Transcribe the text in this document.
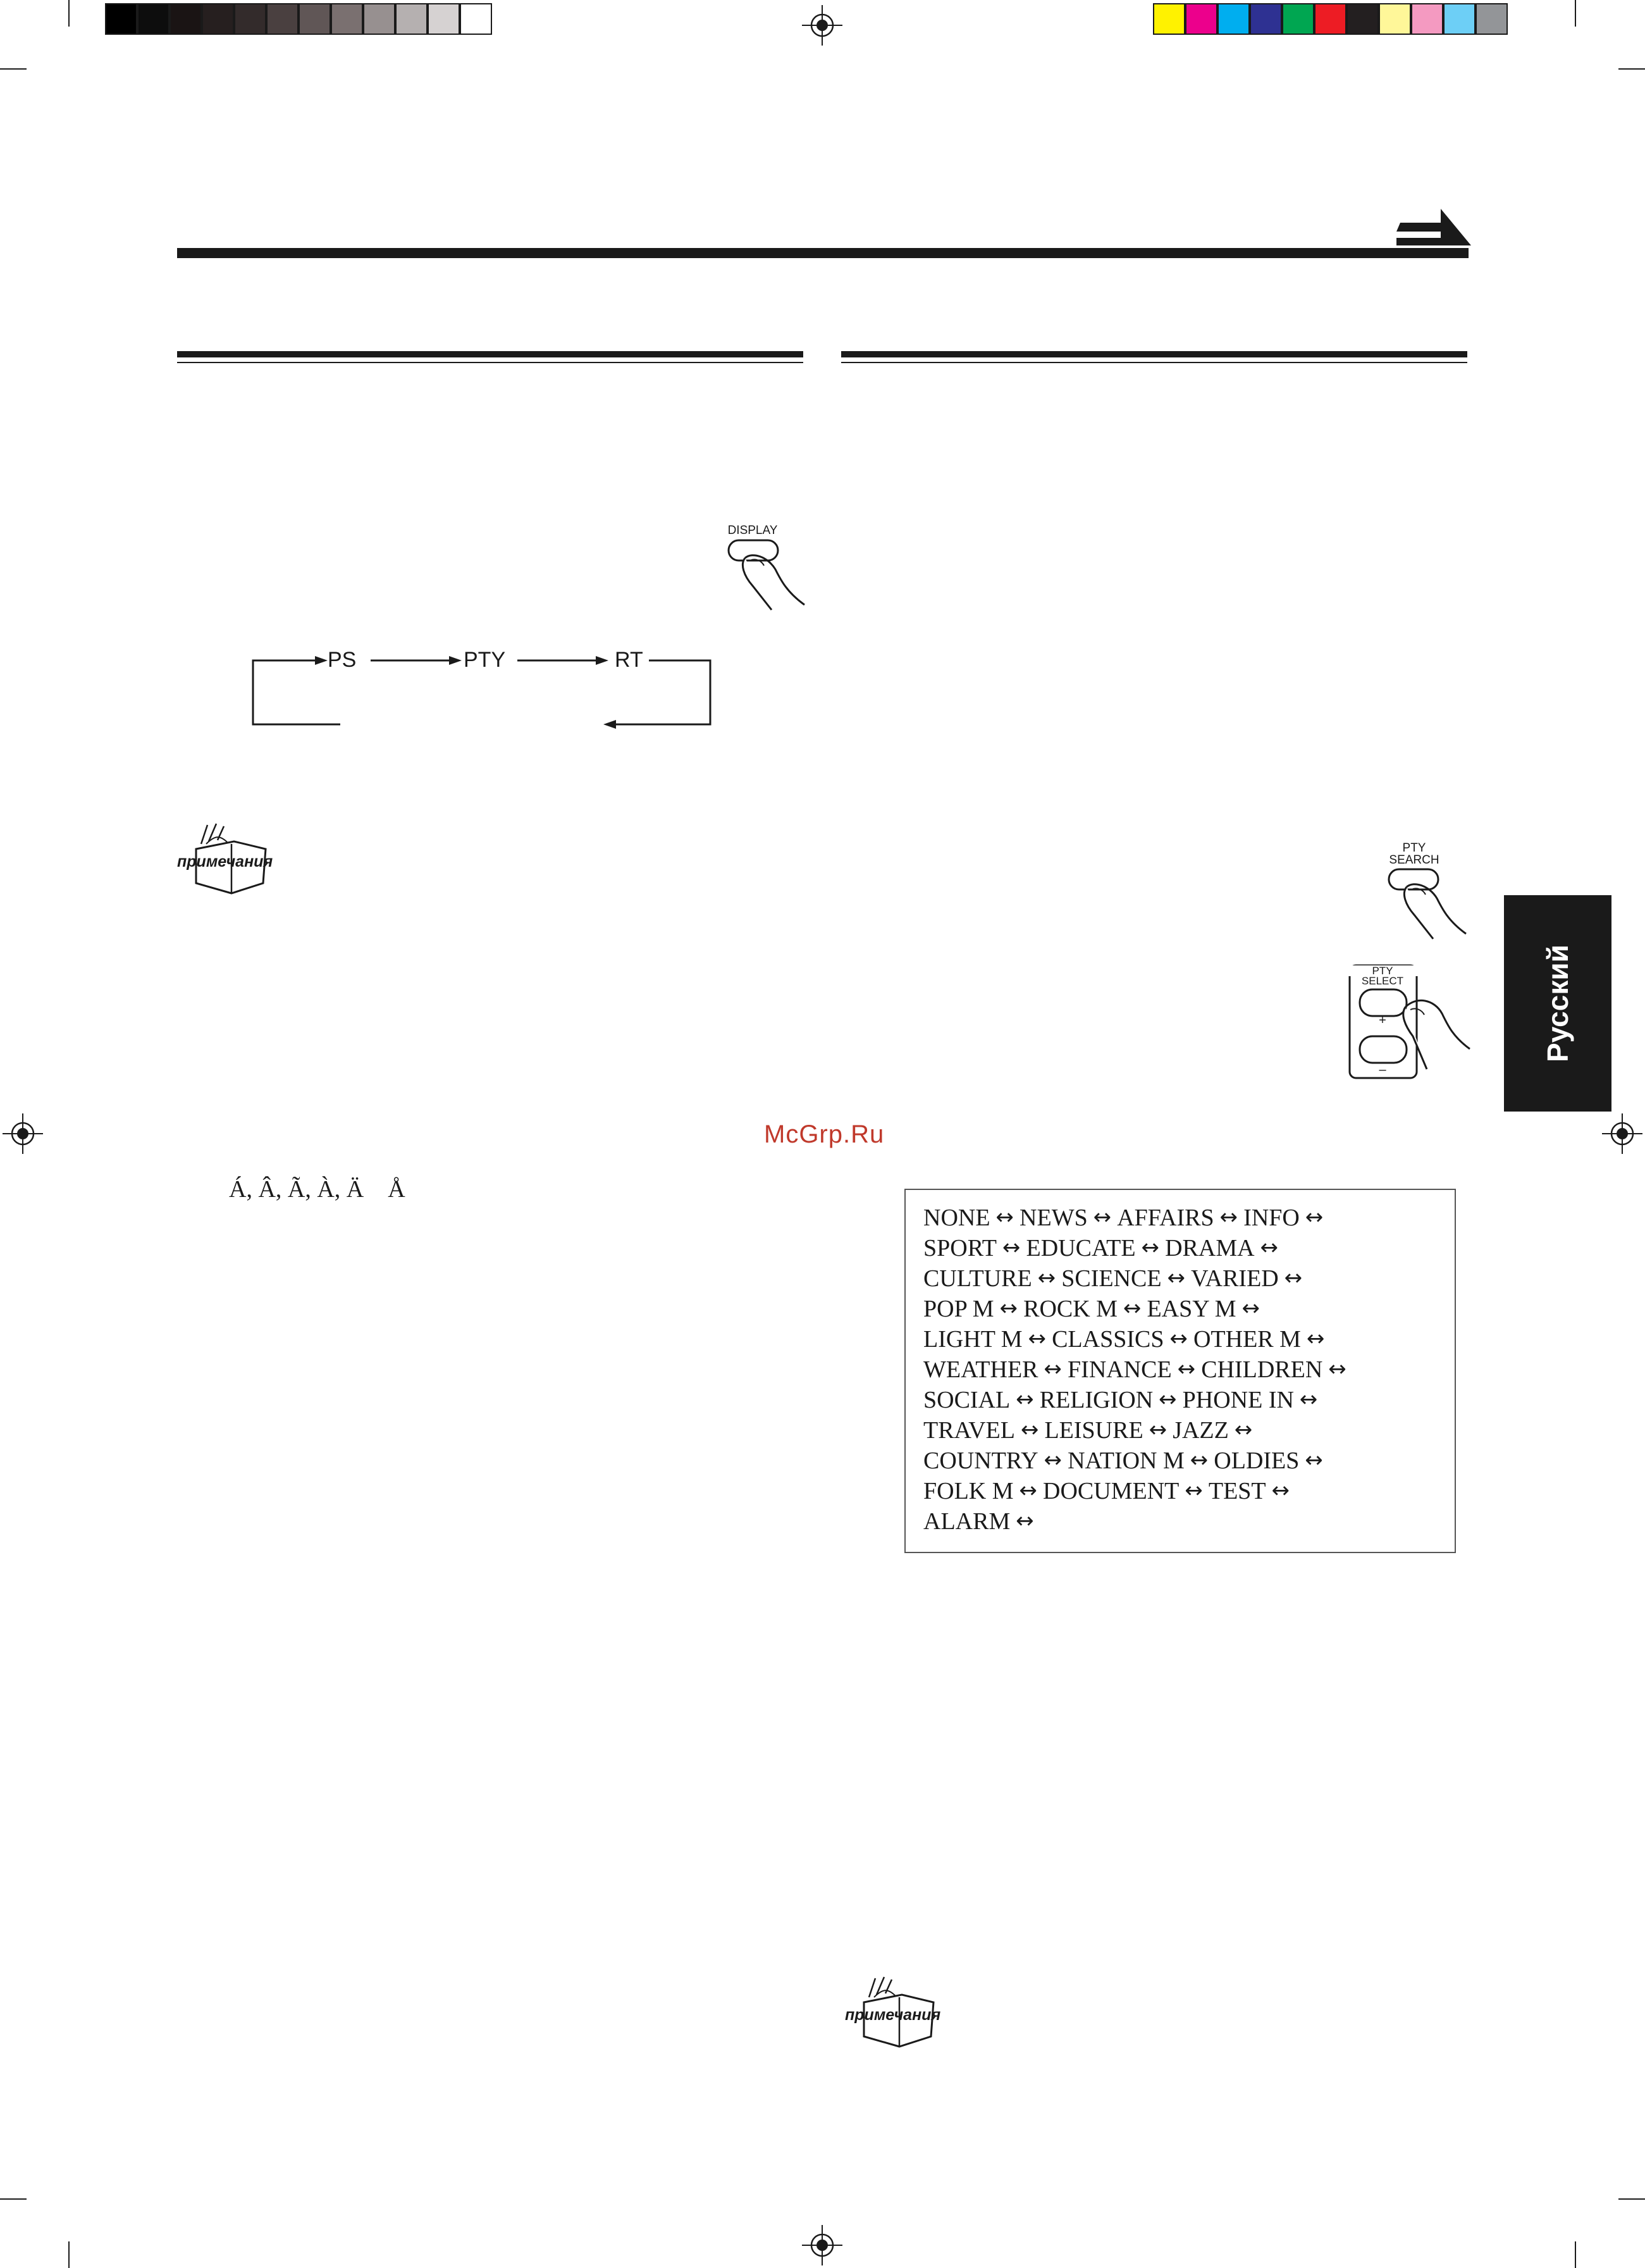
DISPLAY
PS	PTY	RT
примечания
примечания
PTY
SEARCH
PTY
SELECT
+
–
Русский
McGrp.Ru
Á, Â, Ã, À, Ä    Å
NONE ↔ NEWS ↔ AFFAIRS ↔ INFO ↔
SPORT ↔ EDUCATE ↔ DRAMA ↔
CULTURE ↔ SCIENCE ↔ VARIED ↔
POP M ↔ ROCK M ↔ EASY M ↔
LIGHT M ↔ CLASSICS ↔ OTHER M ↔
WEATHER ↔ FINANCE ↔ CHILDREN ↔
SOCIAL ↔ RELIGION ↔ PHONE IN ↔
TRAVEL ↔ LEISURE ↔ JAZZ ↔
COUNTRY ↔ NATION M ↔ OLDIES ↔
FOLK M ↔ DOCUMENT ↔ TEST ↔
ALARM ↔
